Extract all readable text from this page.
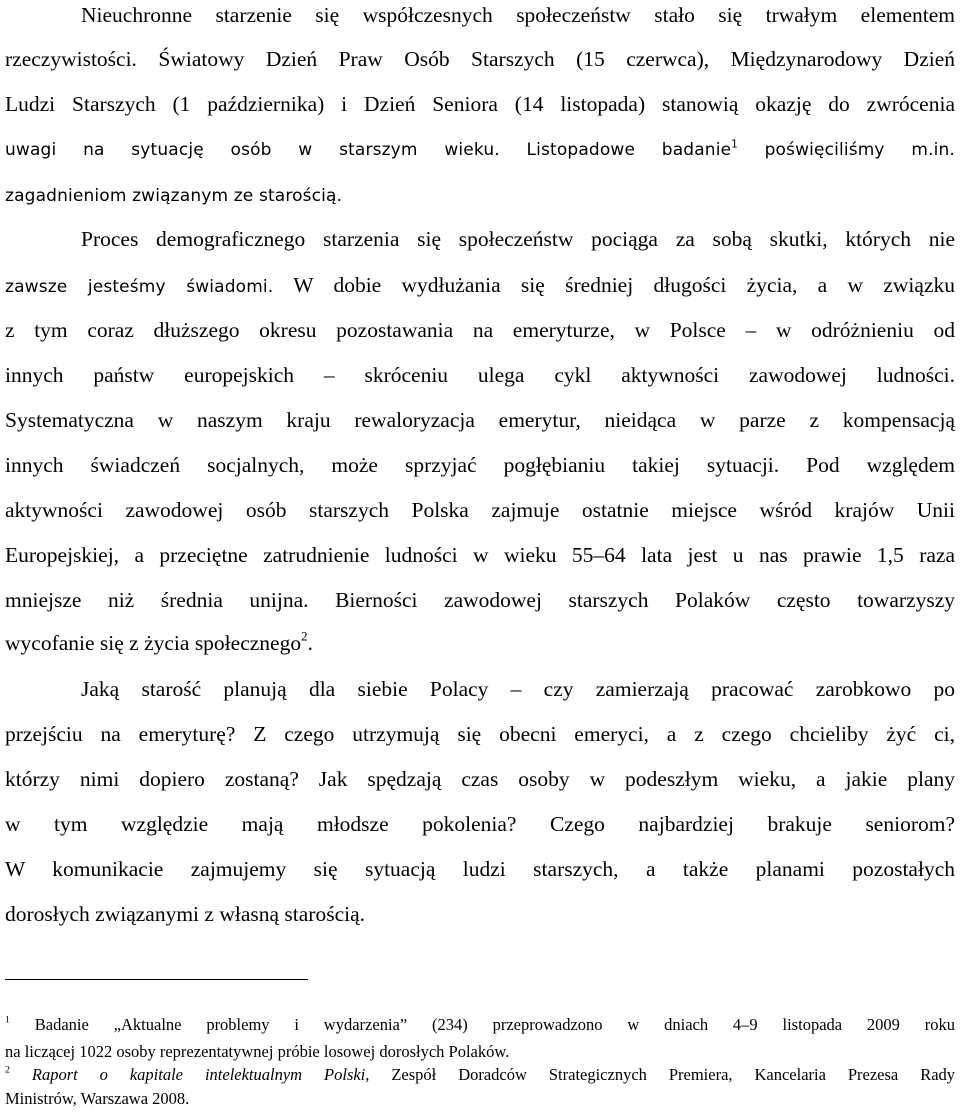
Nieuchronne starzenie się współczesnych społeczeństw stało się trwałym elementem
rzeczywistości. Światowy Dzień Praw Osób Starszych (15 czerwca), Międzynarodowy Dzień
Ludzi Starszych (1 października) i Dzień Seniora (14 listopada) stanowią okazję do zwrócenia
uwagi na sytuację osób w starszym wieku. Listopadowe badanie$^1$ poświęciliśmy m.in.
zagadnieniom związanym ze starością.
Proces demograficznego starzenia się społeczeństw pociąga za sobą skutki, których nie
zawsze jesteśmy świadomi. W dobie wydłużania się średniej długości życia, a w związku
z tym coraz dłuższego okresu pozostawania na emeryturze, w Polsce – w odróżnieniu od
innych państw europejskich – skróceniu ulega cykl aktywności zawodowej ludności.
Systematyczna w naszym kraju rewaloryzacja emerytur, nieidąca w parze z kompensacją
innych świadczeń socjalnych, może sprzyjać pogłębianiu takiej sytuacji. Pod względem
aktywności zawodowej osób starszych Polska zajmuje ostatnie miejsce wśród krajów Unii
Europejskiej, a przeciętne zatrudnienie ludności w wieku 55–64 lata jest u nas prawie 1,5 raza
mniejsze niż średnia unijna. Bierności zawodowej starszych Polaków często towarzyszy
wycofanie się z życia społecznego$^2$.
Jaką starość planują dla siebie Polacy – czy zamierzają pracować zarobkowo po
przejściu na emeryturę? Z czego utrzymują się obecni emeryci, a z czego chcieliby żyć ci,
którzy nimi dopiero zostaną? Jak spędzają czas osoby w podeszłym wieku, a jakie plany
w tym względzie mają młodsze pokolenia? Czego najbardziej brakuje seniorom?
W komunikacie zajmujemy się sytuacją ludzi starszych, a także planami pozostałych
dorosłych związanymi z własną starością.
$^1$ Badanie „Aktualne problemy i wydarzenia” (234) przeprowadzono w dniach 4–9 listopada 2009 roku
na liczącej 1022 osoby reprezentatywnej próbie losowej dorosłych Polaków.
$^2$ Raport o kapitale intelektualnym Polski, Zespół Doradców Strategicznych Premiera, Kancelaria Prezesa Rady
Ministrów, Warszawa 2008.
